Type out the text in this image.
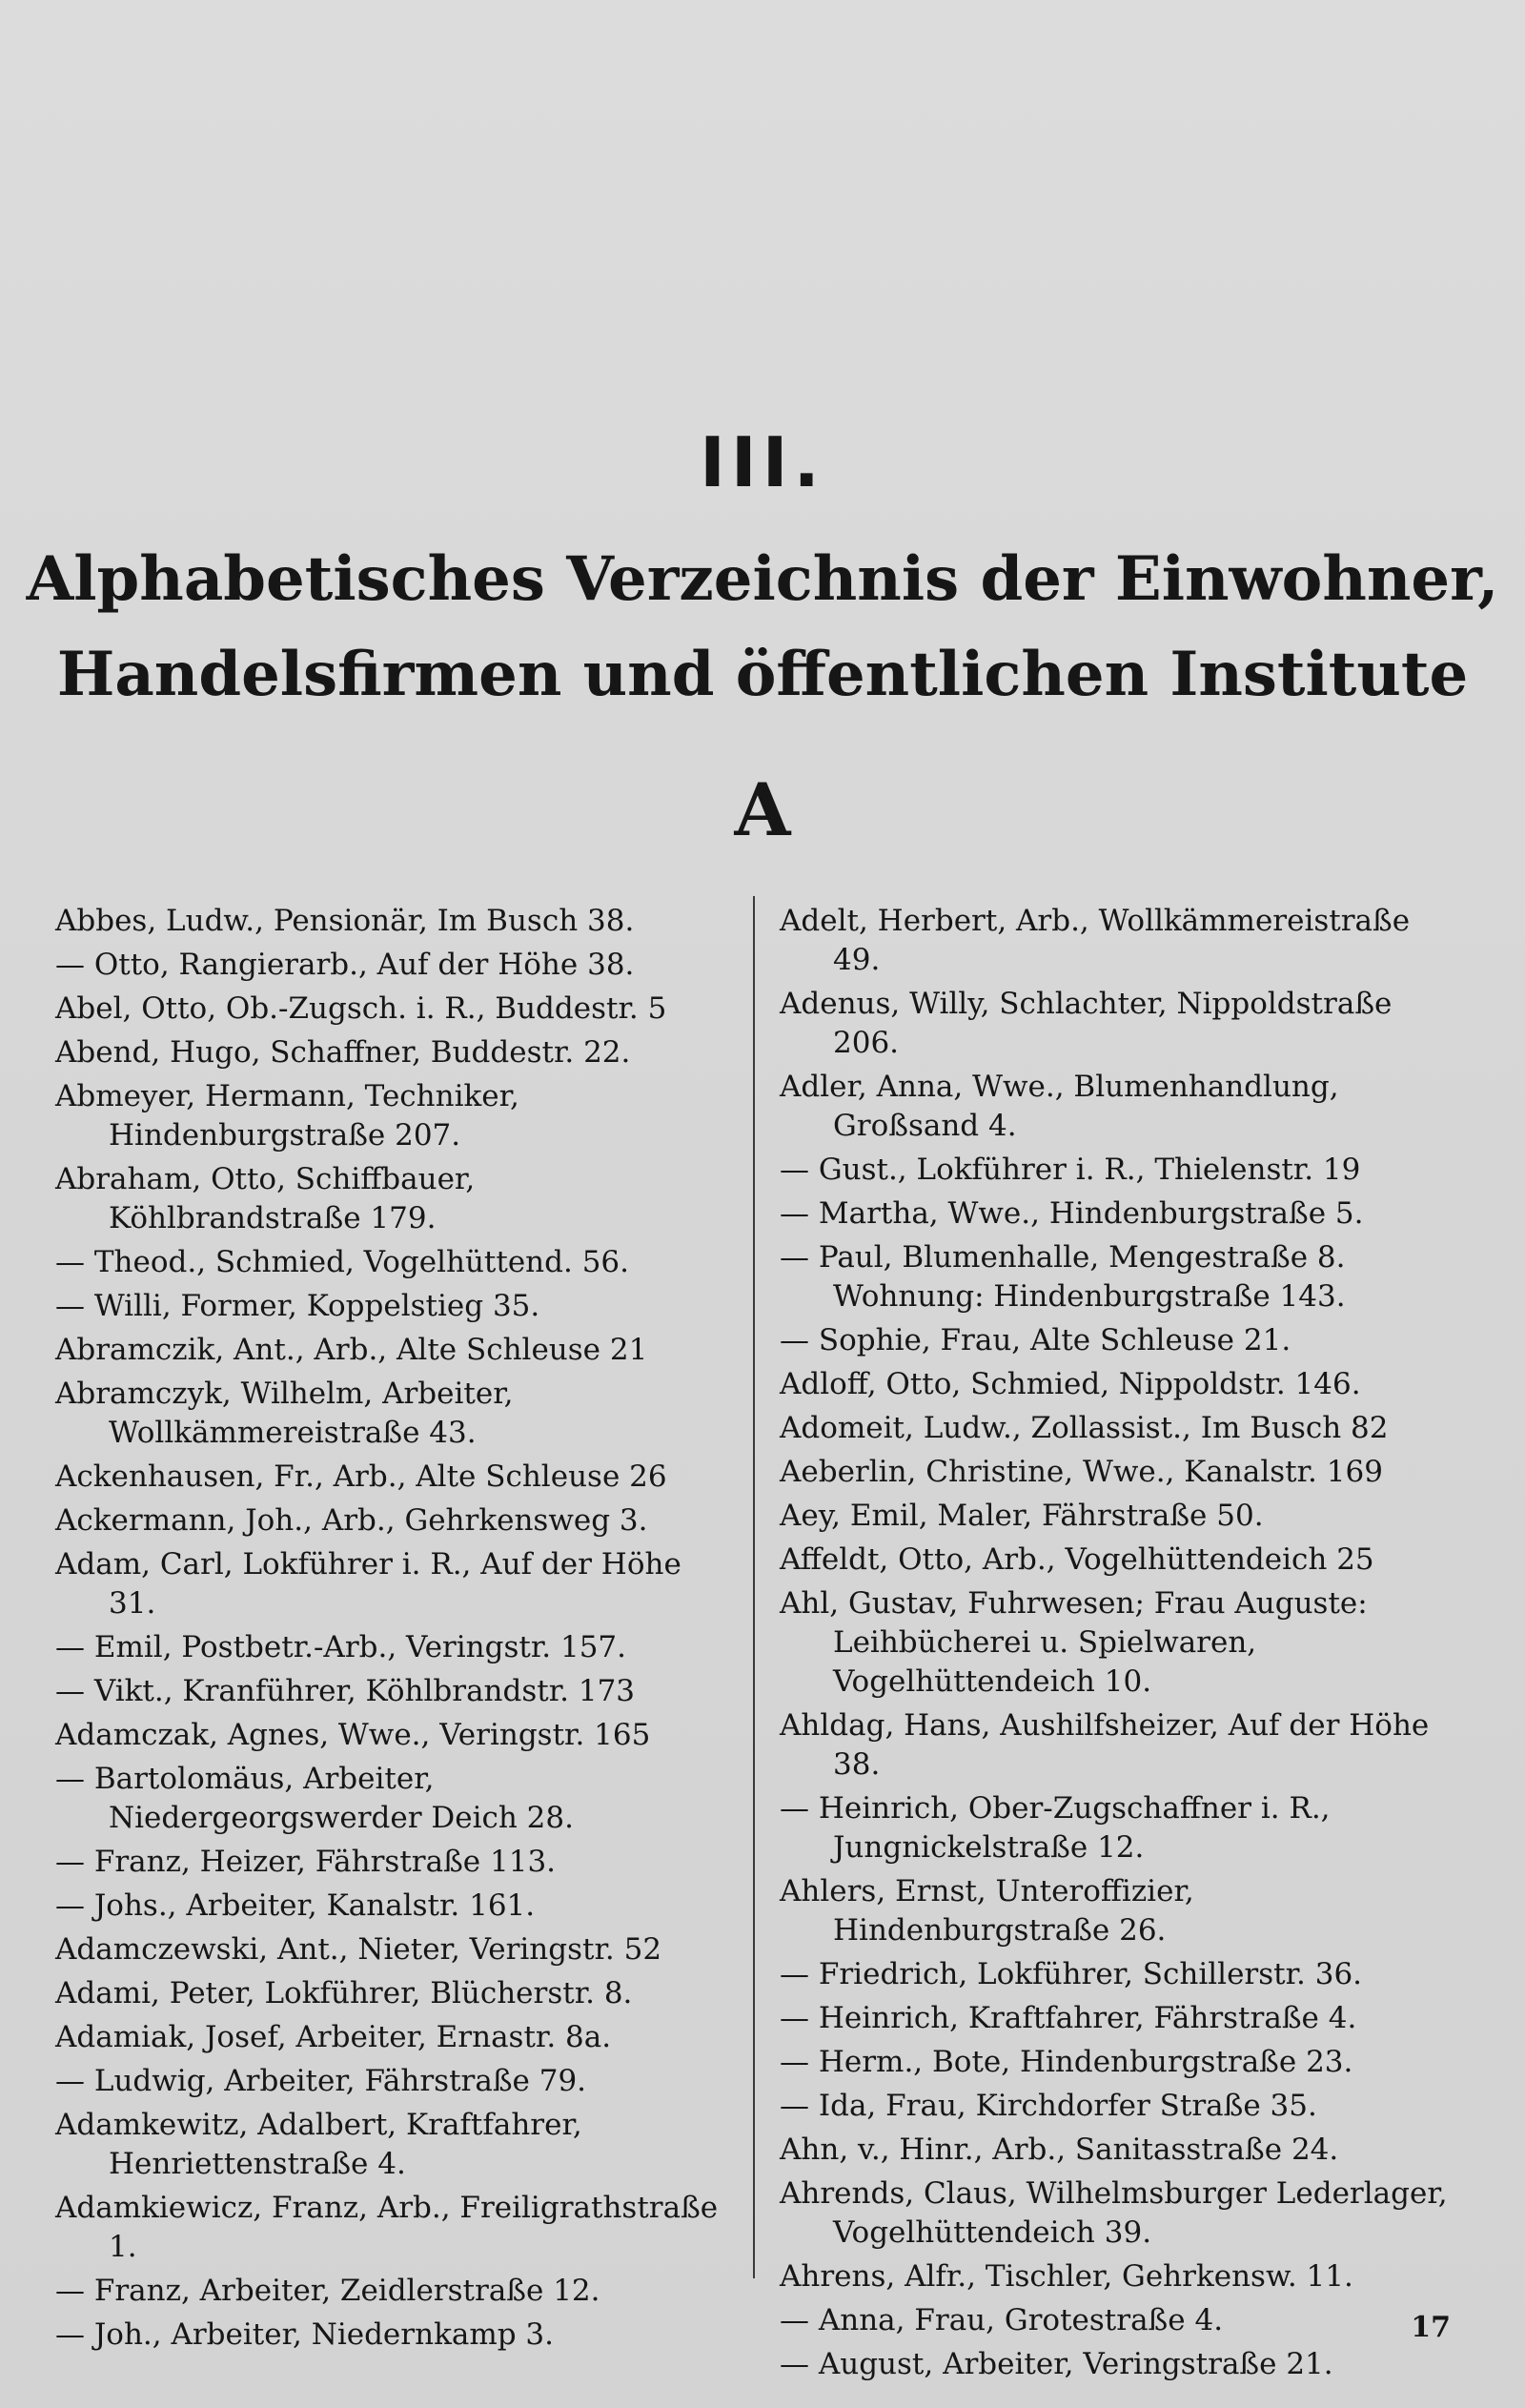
III.
Alphabetisches Verzeichnis der Einwohner,
Handelsfirmen und öffentlichen Institute
A

Abbes, Ludw., Pensionär, Im Busch 38.

— Otto, Rangierarb., Auf der Höhe 38.

Abel, Otto, Ob.-Zugsch. i. R., Buddestr. 5

Abend, Hugo, Schaffner, Buddestr. 22.

Abmeyer, Hermann, Techniker, Hindenburgstraße 207.

Abraham, Otto, Schiffbauer, Köhlbrandstraße 179.

— Theod., Schmied, Vogelhüttend. 56.

— Willi, Former, Koppelstieg 35.

Abramczik, Ant., Arb., Alte Schleuse 21

Abramczyk, Wilhelm, Arbeiter, Wollkämmereistraße 43.

Ackenhausen, Fr., Arb., Alte Schleuse 26

Ackermann, Joh., Arb., Gehrkensweg 3.

Adam, Carl, Lokführer i. R., Auf der Höhe 31.

— Emil, Postbetr.-Arb., Veringstr. 157.

— Vikt., Kranführer, Köhlbrandstr. 173

Adamczak, Agnes, Wwe., Veringstr. 165

— Bartolomäus, Arbeiter, Niedergeorgswerder Deich 28.

— Franz, Heizer, Fährstraße 113.

— Johs., Arbeiter, Kanalstr. 161.

Adamczewski, Ant., Nieter, Veringstr. 52

Adami, Peter, Lokführer, Blücherstr. 8.

Adamiak, Josef, Arbeiter, Ernastr. 8a.

— Ludwig, Arbeiter, Fährstraße 79.

Adamkewitz, Adalbert, Kraftfahrer, Henriettenstraße 4.

Adamkiewicz, Franz, Arb., Freiligrathstraße 1.

— Franz, Arbeiter, Zeidlerstraße 12.

— Joh., Arbeiter, Niedernkamp 3.

Adelt, Herbert, Arb., Wollkämmereistraße 49.

Adenus, Willy, Schlachter, Nippoldstraße 206.

Adler, Anna, Wwe., Blumenhandlung, Großsand 4.

— Gust., Lokführer i. R., Thielenstr. 19

— Martha, Wwe., Hindenburgstraße 5.

— Paul, Blumenhalle, Mengestraße 8. Wohnung: Hindenburgstraße 143.

— Sophie, Frau, Alte Schleuse 21.

Adloff, Otto, Schmied, Nippoldstr. 146.

Adomeit, Ludw., Zollassist., Im Busch 82

Aeberlin, Christine, Wwe., Kanalstr. 169

Aey, Emil, Maler, Fährstraße 50.

Affeldt, Otto, Arb., Vogelhüttendeich 25

Ahl, Gustav, Fuhrwesen; Frau Auguste: Leihbücherei u. Spielwaren, Vogelhüttendeich 10.

Ahldag, Hans, Aushilfsheizer, Auf der Höhe 38.

— Heinrich, Ober-Zugschaffner i. R., Jungnickelstraße 12.

Ahlers, Ernst, Unteroffizier, Hindenburgstraße 26.

— Friedrich, Lokführer, Schillerstr. 36.

— Heinrich, Kraftfahrer, Fährstraße 4.

— Herm., Bote, Hindenburgstraße 23.

— Ida, Frau, Kirchdorfer Straße 35.

Ahn, v., Hinr., Arb., Sanitasstraße 24.

Ahrends, Claus, Wilhelmsburger Lederlager, Vogelhüttendeich 39.

Ahrens, Alfr., Tischler, Gehrkensw. 11.

— Anna, Frau, Grotestraße 4.

— August, Arbeiter, Veringstraße 21.

17
